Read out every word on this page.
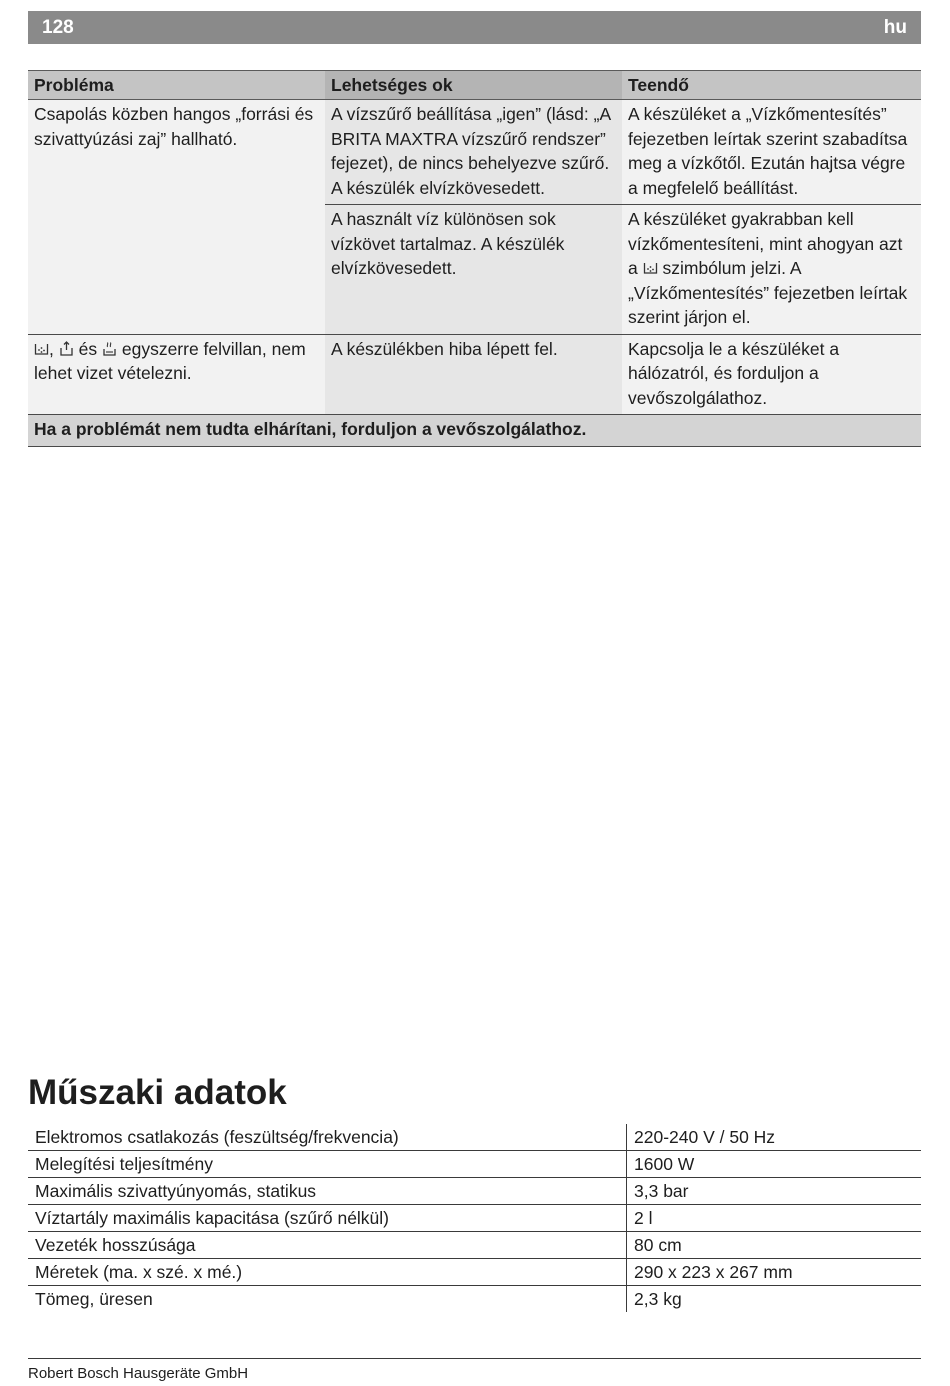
128	hu
Probléma	Lehetséges ok	Teendő
Csapolás közben hangos „forrási és szivattyúzási zaj” hallható.	A vízszűrő beállítása „igen” (lásd: „A BRITA MAXTRA vízszűrő rendszer” fejezet), de nincs behelyezve szűrő. A készülék elvízkövesedett.	A készüléket a „Vízkőmentesítés” fejezetben leírtak szerint szabadítsa meg a vízkőtől. Ezután hajtsa végre a megfelelő beállítást.
	A használt víz különösen sok vízkövet tartalmaz. A készülék elvízkövesedett.	A készüléket gyakrabban kell vízkőmentesíteni, mint ahogyan azt a szimbólum jelzi. A „Vízkőmentesítés” fejezetben leírtak szerint járjon el.
, és egyszerre felvillan, nem lehet vizet vételezni.	A készülékben hiba lépett fel.	Kapcsolja le a készüléket a hálózatról, és forduljon a vevőszolgálathoz.
Ha a problémát nem tudta elhárítani, forduljon a vevőszolgálathoz.		
Műszaki adatok
Elektromos csatlakozás (feszültség/frekvencia)	220-240 V / 50 Hz
Melegítési teljesítmény	1600 W
Maximális szivattyúnyomás, statikus	3,3 bar
Víztartály maximális kapacitása (szűrő nélkül)	2 l
Vezeték hosszúsága	80 cm
Méretek (ma. x szé. x mé.)	290 x 223 x 267 mm
Tömeg, üresen	2,3 kg
Robert Bosch Hausgeräte GmbH
